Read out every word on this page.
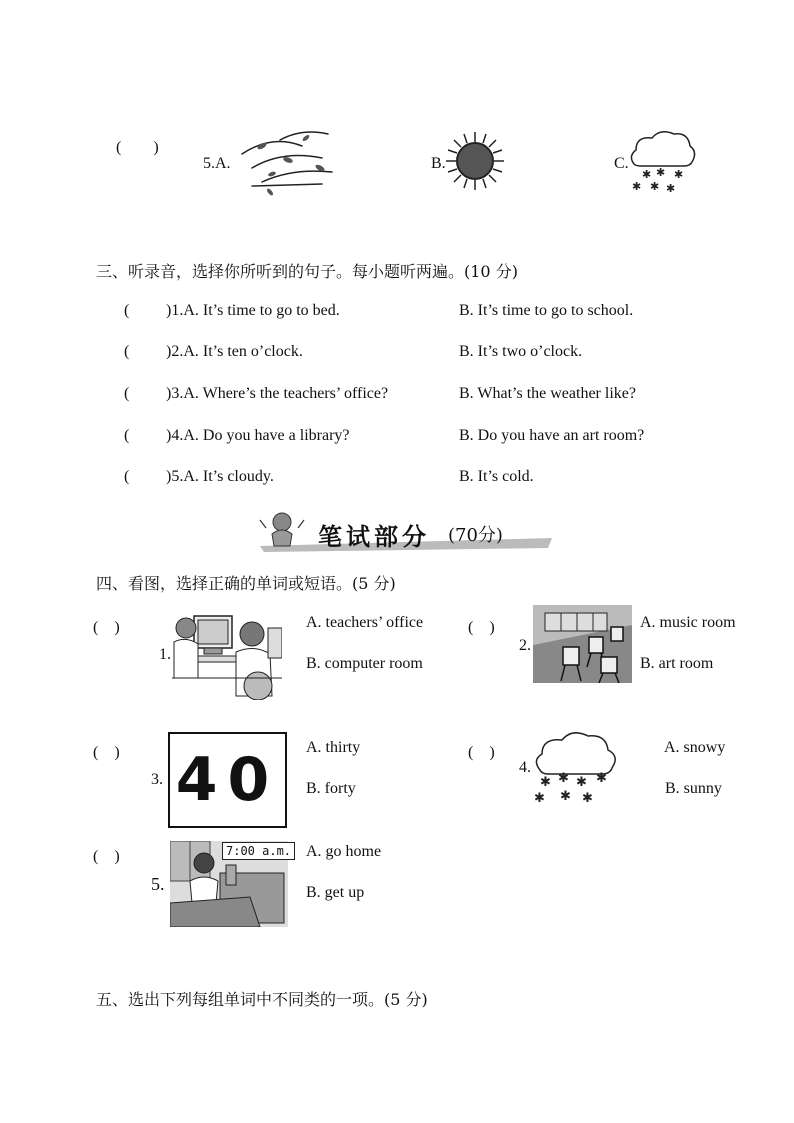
(　　)
5.A.	B.	C.
✱ ✱ ✱
✱ ✱ ✱
三、听录音，选择你所听到的句子。每小题听两遍。(10 分)
( )1.A. It’s time to go to bed.	B. It’s time to go to school.
( )2.A. It’s ten o’clock.	B. It’s two o’clock.
( )3.A. Where’s the teachers’ office?	B. What’s the weather like?
( )4.A. Do you have a library?	B. Do you have an art room?
( )5.A. It’s cloudy.	B. It’s cold.
笔试部分 (70分)
四、看图，选择正确的单词或短语。(5 分)
(　)
1.
A. teachers’ office
B. computer room
(　)
2.
A. music room
B. art room
(　)
3. 40 A. thirty
B. forty
(　)
4.
✱ ✱ ✱ ✱
✱ ✱ ✱
A. snowy
B. sunny
(　)
5.
7:00 a.m. A. go home
B. get up
五、选出下列每组单词中不同类的一项。(5 分)
